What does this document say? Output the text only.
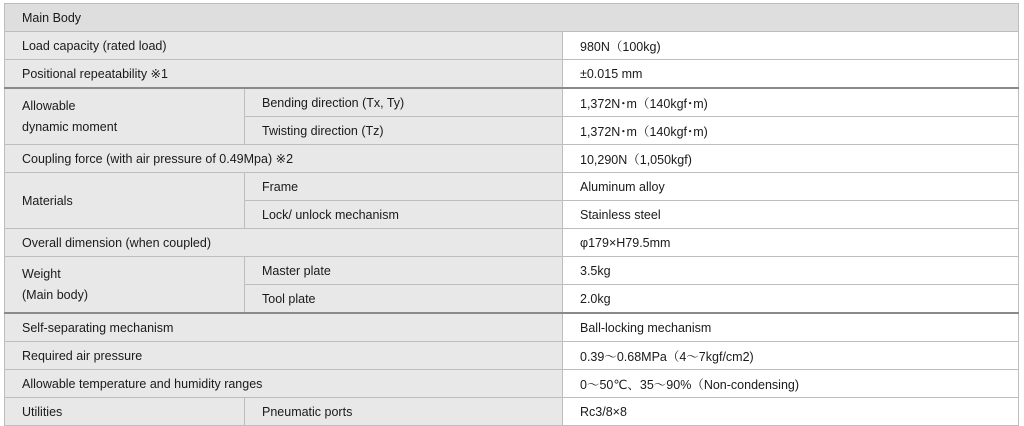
Main Body		
Load capacity (rated load)		980N（100kg)
Positional repeatability ※1		±0.015 mm
Allowable
dynamic moment	Bending direction (Tx, Ty)	1,372N･m（140kgf･m)
	Twisting direction (Tz)	1,372N･m（140kgf･m)
Coupling force (with air pressure of 0.49Mpa) ※2		10,290N（1,050kgf)
Materials	Frame	Aluminum alloy
	Lock/ unlock mechanism	Stainless steel
Overall dimension (when coupled)		φ179×H79.5mm
Weight
(Main body)	Master plate	3.5kg
	Tool plate	2.0kg
Self-separating mechanism		Ball-locking mechanism
Required air pressure		0.39～0.68MPa（4～7kgf/cm2)
Allowable temperature and humidity ranges		0～50℃、35～90%（Non-condensing)
Utilities	Pneumatic ports	Rc3/8×8
